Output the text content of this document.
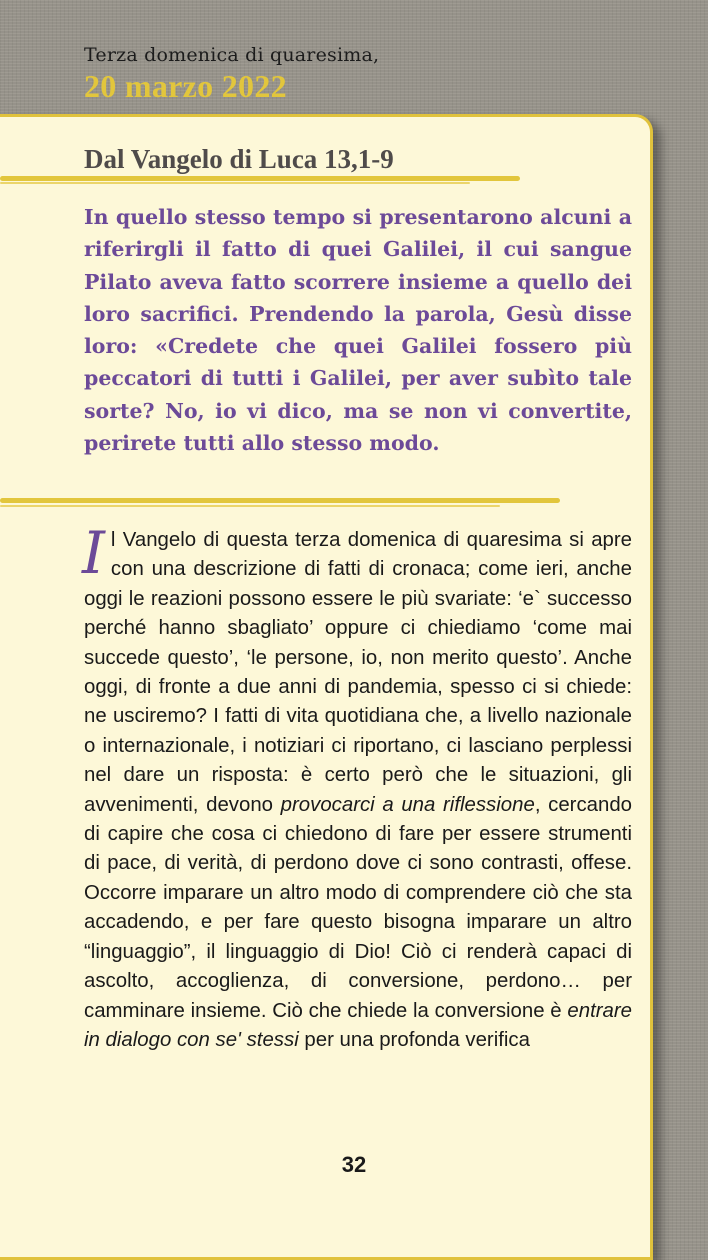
Terza domenica di quaresima,
20 marzo 2022
Dal Vangelo di Luca 13,1-9

In quello stesso tempo si presentarono alcuni a riferirgli il fatto di quei Galilei, il cui sangue Pilato aveva fatto scorrere insieme a quello dei loro sacrifici. Prendendo la parola, Gesù disse loro: «Credete che quei Galilei fossero più peccatori di tutti i Galilei, per aver subìto tale sorte? No, io vi dico, ma se non vi convertite, perirete tutti allo stesso modo.

Il Vangelo di questa terza domenica di quaresima si apre con una descrizione di fatti di cronaca; come ieri, anche oggi le reazioni possono essere le più svariate: ‘e` successo perché hanno sbagliato’ oppure ci chiediamo ‘come mai succede questo’, ‘le persone, io, non merito questo’. Anche oggi, di fronte a due anni di pandemia, spesso ci si chiede: ne usciremo? I fatti di vita quotidiana che, a livello nazionale o internazionale, i notiziari ci riportano, ci lasciano perplessi nel dare un risposta: è certo però che le situazioni, gli avvenimenti, devono provocarci a una riflessione, cercando di capire che cosa ci chiedono di fare per essere strumenti di pace, di verità, di perdono dove ci sono contrasti, offese. Occorre imparare un altro modo di comprendere ciò che sta accadendo, e per fare questo bisogna imparare un altro “linguaggio”, il linguaggio di Dio! Ciò ci renderà capaci di ascolto, accoglienza, di conversione, perdono… per camminare insieme. Ciò che chiede la conversione è entrare in dialogo con se' stessi per una profonda verifica

32
